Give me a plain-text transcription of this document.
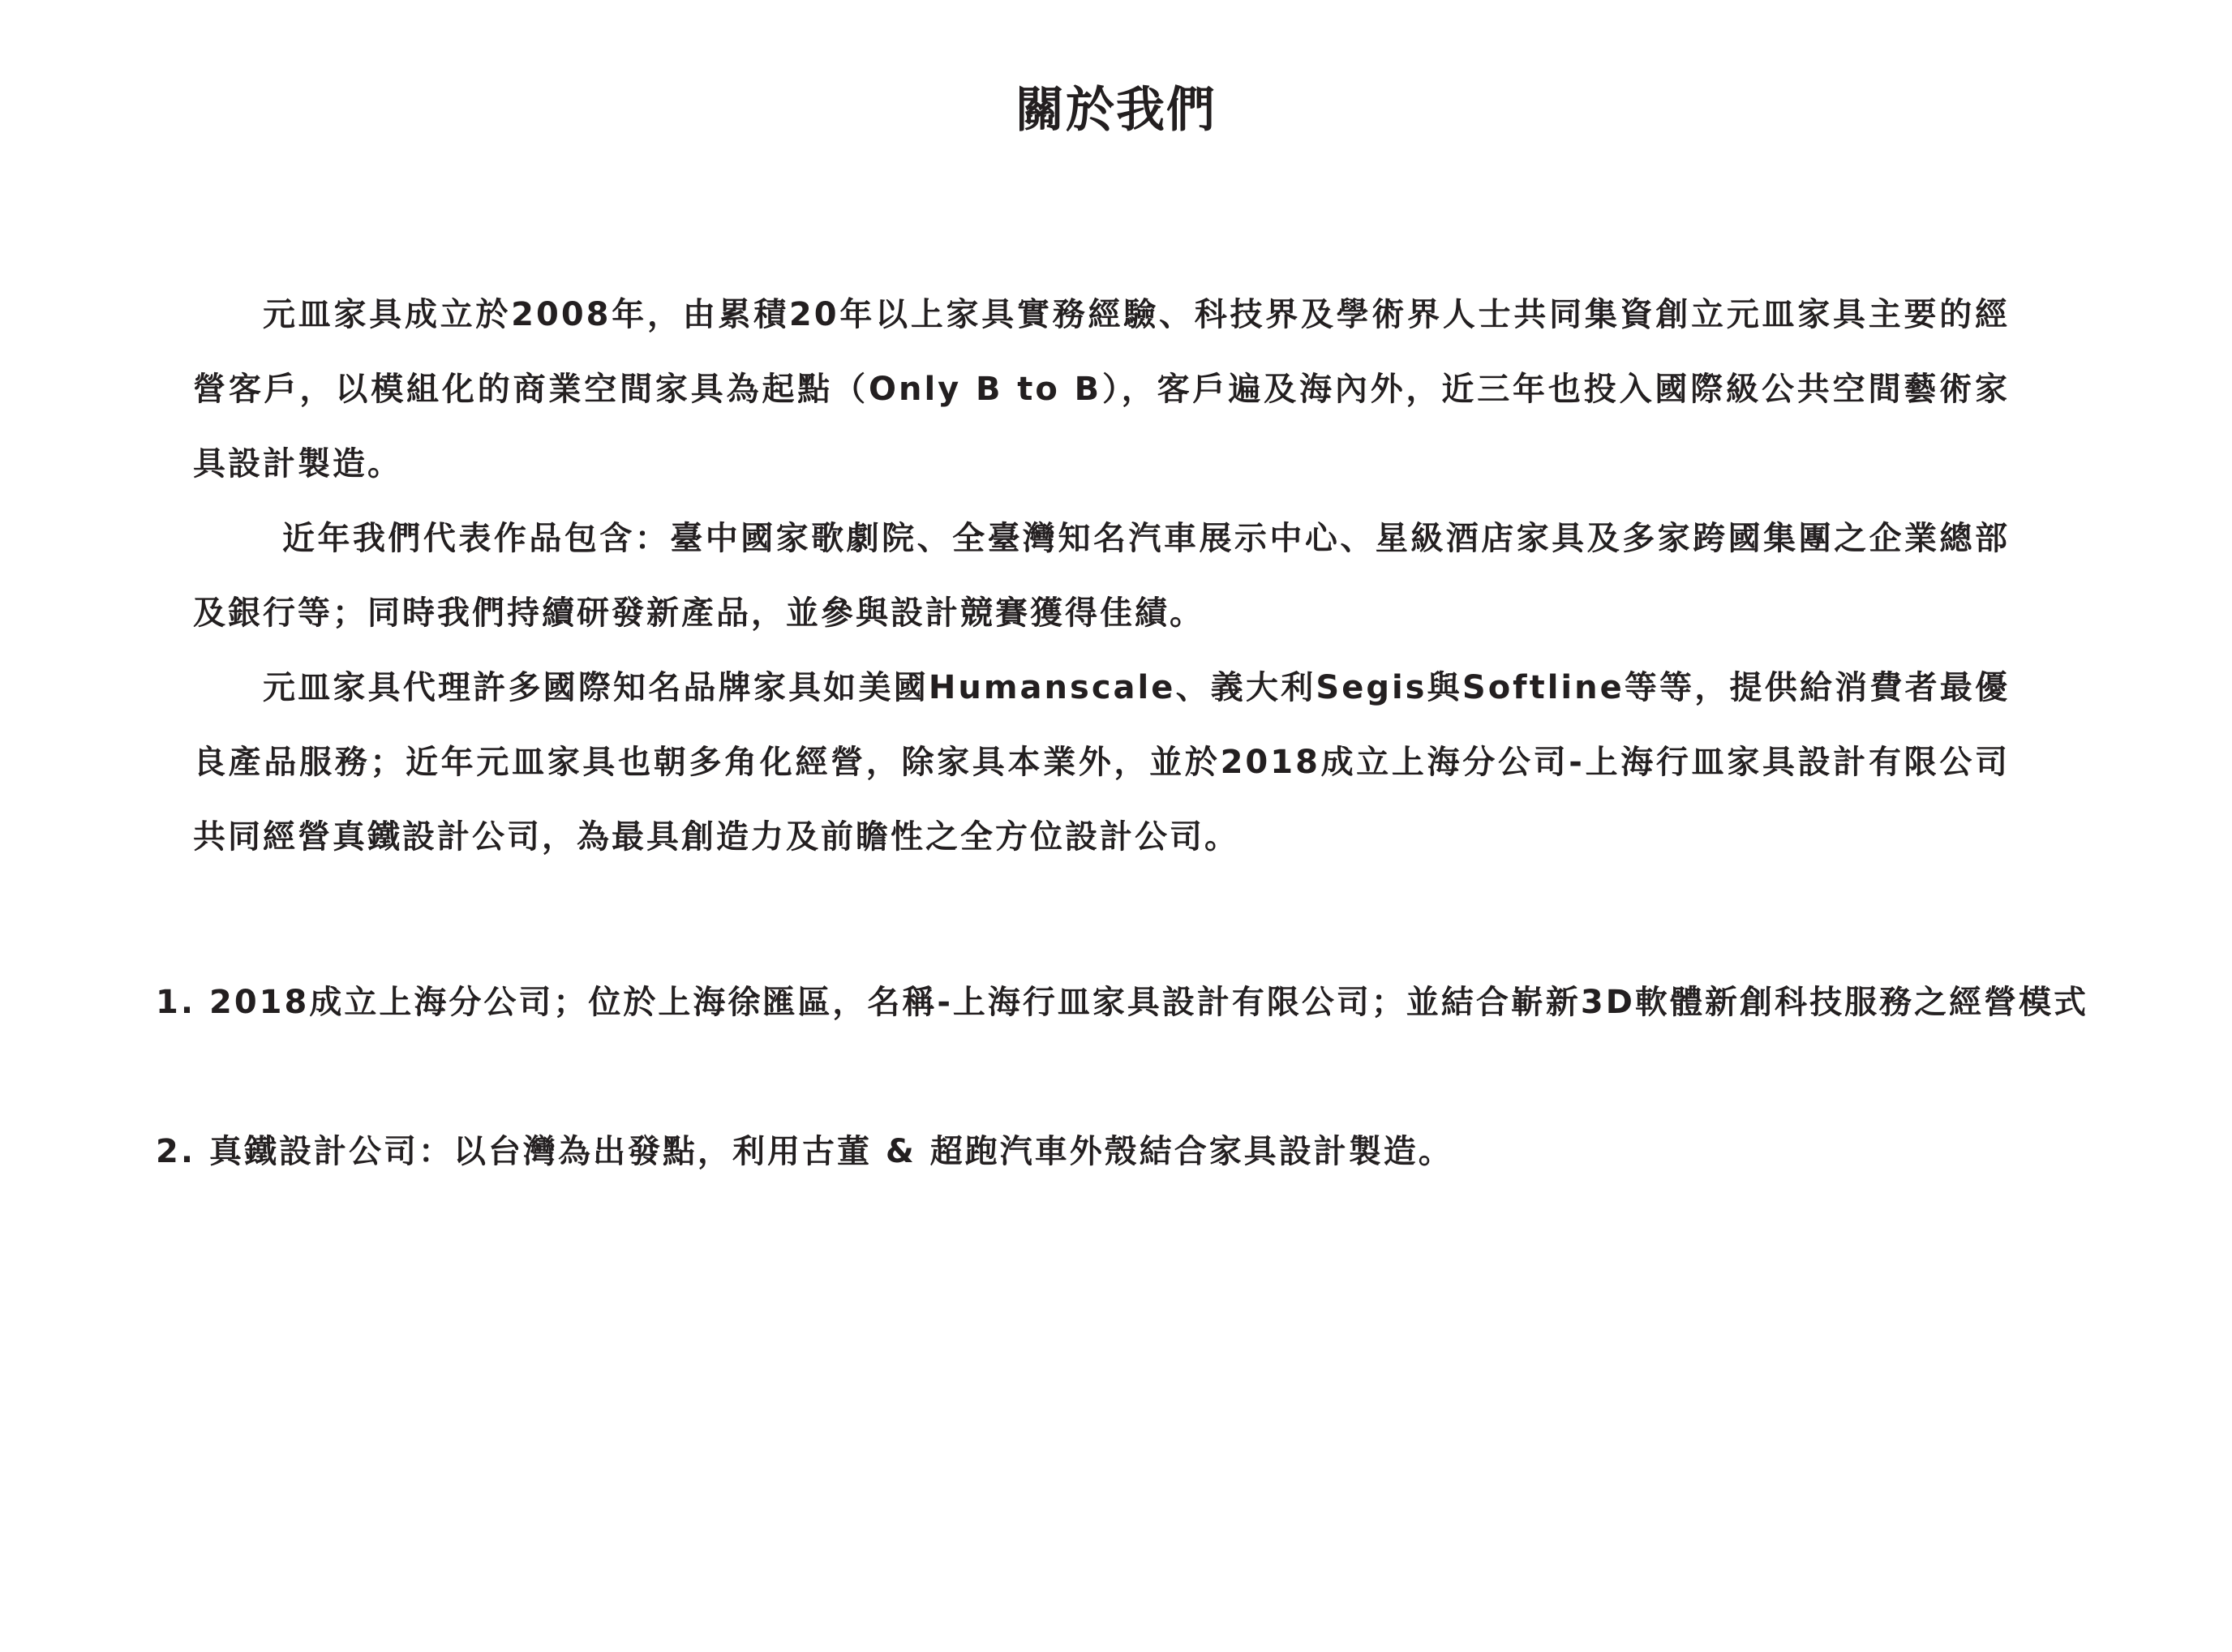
關於我們

元皿家具成立於2008年，由累積20年以上家具實務經驗、科技界及學術界人士共同集資創立元皿家具主要的經營客戶，以模組化的商業空間家具為起點（Only B to B），客戶遍及海內外，近三年也投入國際級公共空間藝術家具設計製造。

近年我們代表作品包含：臺中國家歌劇院、全臺灣知名汽車展示中心、星級酒店家具及多家跨國集團之企業總部及銀行等；同時我們持續研發新產品，並參與設計競賽獲得佳績。

元皿家具代理許多國際知名品牌家具如美國Humanscale、義大利Segis與Softline等等，提供給消費者最優良產品服務；近年元皿家具也朝多角化經營，除家具本業外，並於2018成立上海分公司-上海行皿家具設計有限公司共同經營真鐵設計公司，為最具創造力及前瞻性之全方位設計公司。

1. 2018成立上海分公司；位於上海徐匯區，名稱-上海行皿家具設計有限公司；並結合嶄新3D軟體新創科技服務之經營模式
2. 真鐵設計公司：以台灣為出發點，利用古董 & 超跑汽車外殼結合家具設計製造。
